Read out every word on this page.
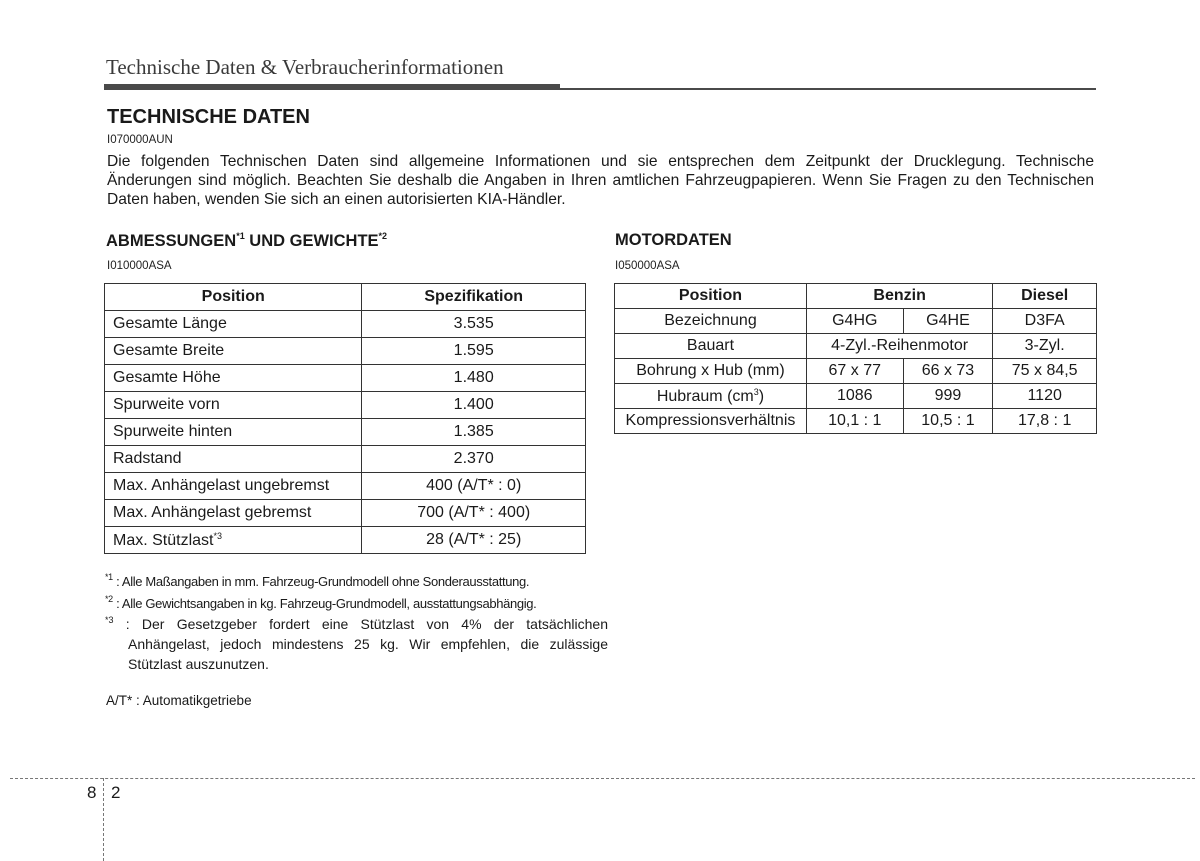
Technische Daten & Verbraucherinformationen
TECHNISCHE DATEN
I070000AUN
Die folgenden Technischen Daten sind allgemeine Informationen und sie entsprechen dem Zeitpunkt der Drucklegung. Technische Änderungen sind möglich. Beachten Sie deshalb die Angaben in Ihren amtlichen Fahrzeugpapieren. Wenn Sie Fragen zu den Technischen Daten haben, wenden Sie sich an einen autorisierten KIA-Händler.
ABMESSUNGEN$^{*1}$ UND GEWICHTE$^{*2}$
I010000ASA
Position	Spezifikation
Gesamte Länge	3.535
Gesamte Breite	1.595
Gesamte Höhe	1.480
Spurweite vorn	1.400
Spurweite hinten	1.385
Radstand	2.370
Max. Anhängelast ungebremst	400 (A/T* : 0)
Max. Anhängelast gebremst	700 (A/T* : 400)
Max. Stützlast$^{*3}$	28 (A/T* : 25)
$^{*1}$ : Alle Maßangaben in mm. Fahrzeug-Grundmodell ohne Sonderausstattung.
$^{*2}$ : Alle Gewichtsangaben in kg. Fahrzeug-Grundmodell, ausstattungsabhängig.
$^{*3}$ : Der Gesetzgeber fordert eine Stützlast von 4% der tatsächlichen Anhängelast, jedoch mindestens 25 kg. Wir empfehlen, die zulässige Stützlast auszunutzen.
A/T* : Automatikgetriebe
MOTORDATEN
I050000ASA
Position	Benzin		Diesel
Bezeichnung	G4HG	G4HE	D3FA
Bauart	4-Zyl.-Reihenmotor		3-Zyl.
Bohrung x Hub (mm)	67 x 77	66 x 73	75 x 84,5
Hubraum $(cm^3)$	1086	999	1120
Kompressionsverhältnis	10,1 : 1	10,5 : 1	17,8 : 1
8 2
